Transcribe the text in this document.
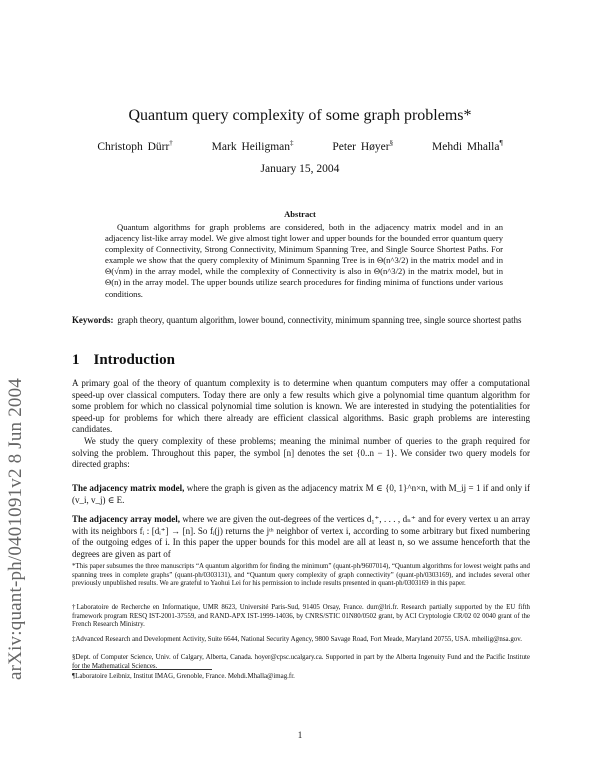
arXiv:quant-ph/0401091v2 8 Jun 2004
Quantum query complexity of some graph problems*
Christoph Dürr†	Mark Heiligman‡	Peter Høyer§	Mehdi Mhalla¶
January 15, 2004
Abstract
Quantum algorithms for graph problems are considered, both in the adjacency matrix model and in an adjacency list-like array model. We give almost tight lower and upper bounds for the bounded error quantum query complexity of Connectivity, Strong Connectivity, Minimum Spanning Tree, and Single Source Shortest Paths. For example we show that the query complexity of Minimum Spanning Tree is in Θ(n^3/2) in the matrix model and in Θ(√nm) in the array model, while the complexity of Connectivity is also in Θ(n^3/2) in the matrix model, but in Θ(n) in the array model. The upper bounds utilize search procedures for finding minima of functions under various conditions.
Keywords: graph theory, quantum algorithm, lower bound, connectivity, minimum spanning tree, single source shortest paths
1 Introduction
A primary goal of the theory of quantum complexity is to determine when quantum computers may offer a computational speed-up over classical computers. Today there are only a few results which give a polynomial time quantum algorithm for some problem for which no classical polynomial time solution is known. We are interested in studying the potentialities for speed-up for problems for which there already are efficient classical algorithms. Basic graph problems are interesting candidates.
We study the query complexity of these problems; meaning the minimal number of queries to the graph required for solving the problem. Throughout this paper, the symbol [n] denotes the set {0..n − 1}. We consider two query models for directed graphs:
The adjacency matrix model, where the graph is given as the adjacency matrix M ∈ {0, 1}^n×n, with M_ij = 1 if and only if (v_i, v_j) ∈ E.
The adjacency array model, where we are given the out-degrees of the vertices d₁⁺, . . . , dₙ⁺ and for every vertex u an array with its neighbors fᵢ : [dᵢ⁺] → [n]. So fᵢ(j) returns the jᵗʰ neighbor of vertex i, according to some arbitrary but fixed numbering of the outgoing edges of i. In this paper the upper bounds for this model are all at least n, so we assume henceforth that the degrees are given as part of
*This paper subsumes the three manuscripts “A quantum algorithm for finding the minimum” (quant-ph/9607014), “Quantum algorithms for lowest weight paths and spanning trees in complete graphs” (quant-ph/0303131), and “Quantum query complexity of graph connectivity” (quant-ph/0303169), and includes several other previously unpublished results. We are grateful to Yaohui Lei for his permission to include results presented in quant-ph/0303169 in this paper.
†Laboratoire de Recherche en Informatique, UMR 8623, Université Paris-Sud, 91405 Orsay, France. durr@lri.fr. Research partially supported by the EU fifth framework program RESQ IST-2001-37559, and RAND-APX IST-1999-14036, by CNRS/STIC 01N80/0502 grant, by ACI Cryptologie CR/02 02 0040 grant of the French Research Ministry.
‡Advanced Research and Development Activity, Suite 6644, National Security Agency, 9800 Savage Road, Fort Meade, Maryland 20755, USA. mheilig@nsa.gov.
§Dept. of Computer Science, Univ. of Calgary, Alberta, Canada. hoyer@cpsc.ucalgary.ca. Supported in part by the Alberta Ingenuity Fund and the Pacific Institute for the Mathematical Sciences.
¶Laboratoire Leibniz, Institut IMAG, Grenoble, France. Mehdi.Mhalla@imag.fr.
1
